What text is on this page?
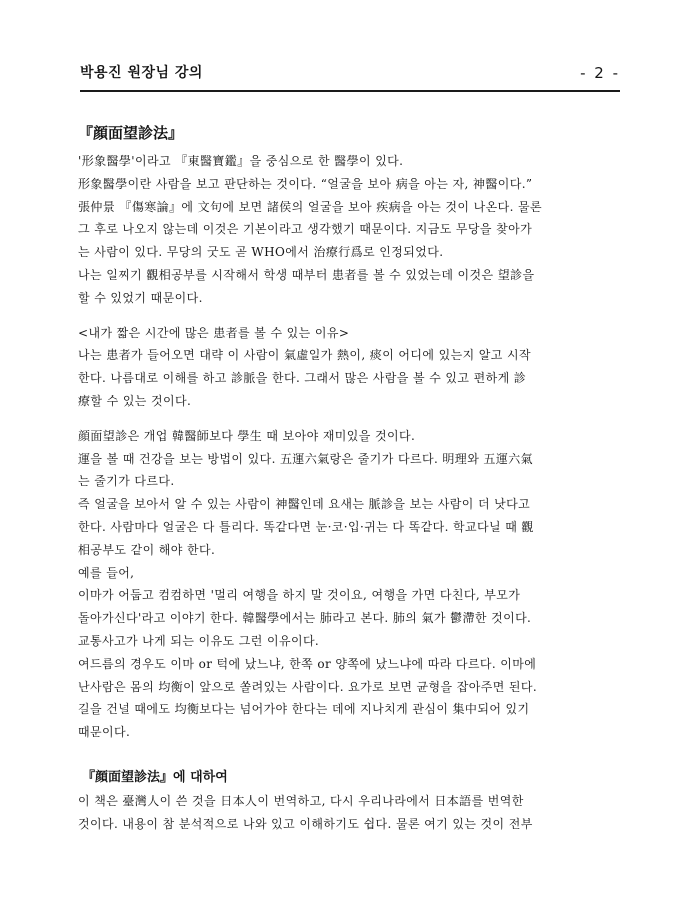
박용진 원장님 강의	- 2 -
『顔面望診法』
'形象醫學'이라고 『東醫寶鑑』을 중심으로 한 醫學이 있다.
形象醫學이란 사람을 보고 판단하는 것이다. “얼굴을 보아 病을 아는 자, 神醫이다.”
張仲景 『傷寒論』에 文句에 보면 諸侯의 얼굴을 보아 疾病을 아는 것이 나온다. 물론
그 후로 나오지 않는데 이것은 기본이라고 생각했기 때문이다. 지금도 무당을 찾아가
는 사람이 있다. 무당의 굿도 곧 WHO에서 治療行爲로 인정되었다.
나는 일찌기 觀相공부를 시작해서 학생 때부터 患者를 볼 수 있었는데 이것은 望診을
할 수 있었기 때문이다.
<내가 짧은 시간에 많은 患者를 볼 수 있는 이유>
나는 患者가 들어오면 대략 이 사람이 氣虛일가 熱이, 痰이 어디에 있는지 알고 시작
한다. 나름대로 이해를 하고 診脈을 한다. 그래서 많은 사람을 볼 수 있고 편하게 診
療할 수 있는 것이다.
顔面望診은 개업 韓醫師보다 學生 때 보아야 재미있을 것이다.
運을 볼 때 건강을 보는 방법이 있다. 五運六氣랑은 줄기가 다르다. 明理와 五運六氣
는 줄기가 다르다.
즉 얼굴을 보아서 알 수 있는 사람이 神醫인데 요새는 脈診을 보는 사람이 더 낫다고
한다. 사람마다 얼굴은 다 틀리다. 똑같다면 눈·코·입·귀는 다 똑같다. 학교다닐 때 觀
相공부도 같이 해야 한다.
예를 들어,
이마가 어둡고 컴컴하면 '멀리 여행을 하지 말 것이요, 여행을 가면 다친다, 부모가
돌아가신다'라고 이야기 한다. 韓醫學에서는 肺라고 본다. 肺의 氣가 鬱滯한 것이다.
교통사고가 나게 되는 이유도 그런 이유이다.
여드름의 경우도 이마 or 턱에 났느냐, 한쪽 or 양쪽에 났느냐에 따라 다르다. 이마에
난사람은 몸의 均衡이 앞으로 쏠려있는 사람이다. 요가로 보면 균형을 잡아주면 된다.
길을 건널 때에도 均衡보다는 넘어가야 한다는 데에 지나치게 관심이 集中되어 있기
때문이다.
『顔面望診法』에 대하여
이 책은 臺灣人이 쓴 것을 日本人이 번역하고, 다시 우리나라에서 日本語를 번역한
것이다. 내용이 참 분석적으로 나와 있고 이해하기도 쉽다. 물론 여기 있는 것이 전부
